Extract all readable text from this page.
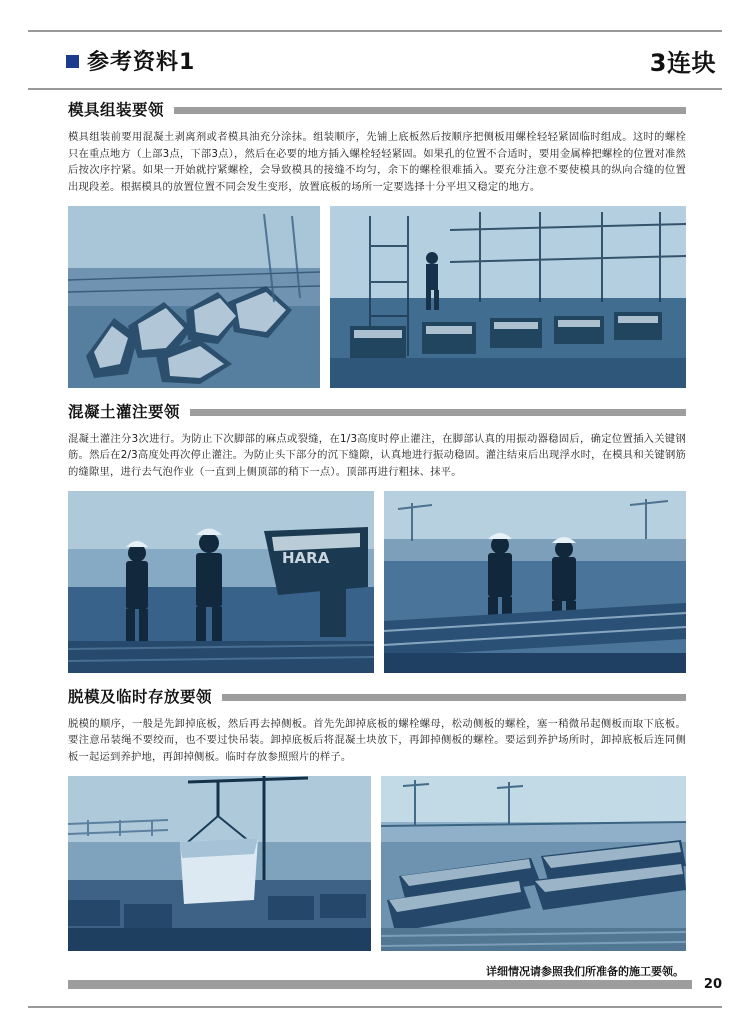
参考资料1	3连块
模具组装要领
模具组装前要用混凝土剥离剂或者模具油充分涂抹。组装顺序，先铺上底板然后按顺序把侧板用螺栓轻轻紧固临时组成。这时的螺栓只在重点地方（上部3点，下部3点），然后在必要的地方插入螺栓轻轻紧固。如果孔的位置不合适时，要用金属棒把螺栓的位置对准然后按次序拧紧。如果一开始就拧紧螺栓，会导致模具的接缝不均匀，余下的螺栓很难插入。要充分注意不要使模具的纵向合缝的位置出现段差。根据模具的放置位置不同会发生变形，放置底板的场所一定要选择十分平坦又稳定的地方。
混凝土灌注要领
混凝土灌注分3次进行。为防止下次脚部的麻点或裂缝，在1/3高度时停止灌注，在脚部认真的用振动器稳固后，确定位置插入关键钢筋。然后在2/3高度处再次停止灌注。为防止头下部分的沉下缝隙，认真地进行振动稳固。灌注结束后出现浮水时，在模具和关键钢筋的缝隙里，进行去气泡作业（一直到上侧顶部的稍下一点）。顶部再进行粗抹、抹平。
HARA
脱模及临时存放要领
脱模的顺序，一般是先卸掉底板，然后再去掉侧板。首先先卸掉底板的螺栓螺母，松动侧板的螺栓，塞一稍微吊起侧板而取下底板。要注意吊装绳不要绞而，也不要过快吊装。卸掉底板后将混凝土块放下，再卸掉侧板的螺栓。要运到养护场所时，卸掉底板后连同侧板一起运到养护地，再卸掉侧板。临时存放参照照片的样子。
详细情况请参照我们所准备的施工要领。
20
